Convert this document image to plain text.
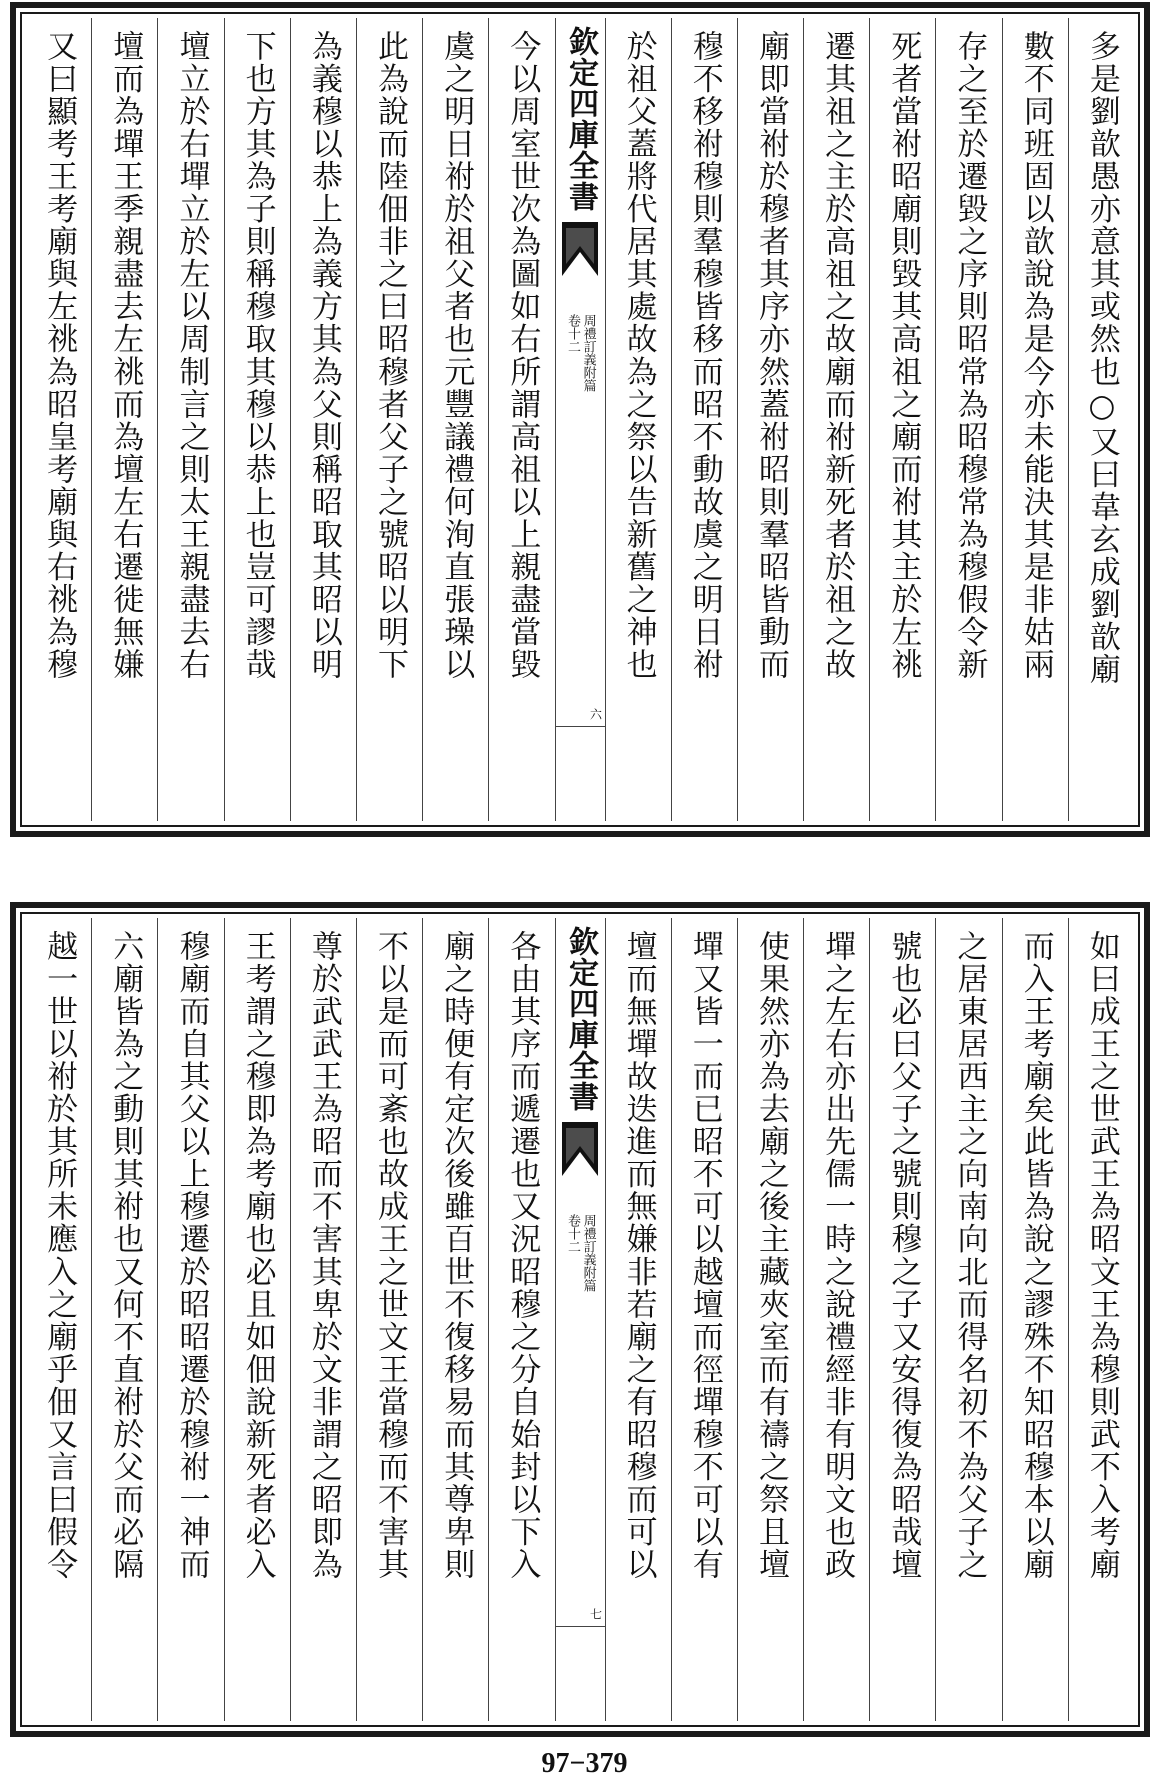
多是劉歆愚亦意其或然也○又曰韋玄成劉歆廟
數不同班固以歆說為是今亦未能決其是非姑兩
存之至於遷毀之序則昭常為昭穆常為穆假令新
死者當祔昭廟則毀其高祖之廟而祔其主於左祧
遷其祖之主於高祖之故廟而祔新死者於祖之故
廟即當祔於穆者其序亦然蓋祔昭則羣昭皆動而
穆不移祔穆則羣穆皆移而昭不動故虞之明日祔
於祖父蓋將代居其處故為之祭以告新舊之神也
欽定四庫全書
周禮訂義附篇
卷十二
六
今以周室世次為圖如右所謂高祖以上親盡當毀
虞之明日祔於祖父者也元豐議禮何洵直張璪以
此為說而陸佃非之曰昭穆者父子之號昭以明下
為義穆以恭上為義方其為父則稱昭取其昭以明
下也方其為子則稱穆取其穆以恭上也豈可謬哉
壇立於右墠立於左以周制言之則太王親盡去右
壇而為墠王季親盡去左祧而為壇左右遷徙無嫌
又曰顯考王考廟與左祧為昭皇考廟與右祧為穆
如曰成王之世武王為昭文王為穆則武不入考廟
而入王考廟矣此皆為說之謬殊不知昭穆本以廟
之居東居西主之向南向北而得名初不為父子之
號也必曰父子之號則穆之子又安得復為昭哉壇
墠之左右亦出先儒一時之說禮經非有明文也政
使果然亦為去廟之後主藏夾室而有禱之祭且壇
墠又皆一而已昭不可以越壇而徑墠穆不可以有
壇而無墠故迭進而無嫌非若廟之有昭穆而可以
欽定四庫全書
周禮訂義附篇
卷十二
七
各由其序而遞遷也又況昭穆之分自始封以下入
廟之時便有定次後雖百世不復移易而其尊卑則
不以是而可紊也故成王之世文王當穆而不害其
尊於武武王為昭而不害其卑於文非謂之昭即為
王考謂之穆即為考廟也必且如佃說新死者必入
穆廟而自其父以上穆遷於昭昭遷於穆祔一神而
六廟皆為之動則其祔也又何不直祔於父而必隔
越一世以祔於其所未應入之廟乎佃又言曰假令
97−379
